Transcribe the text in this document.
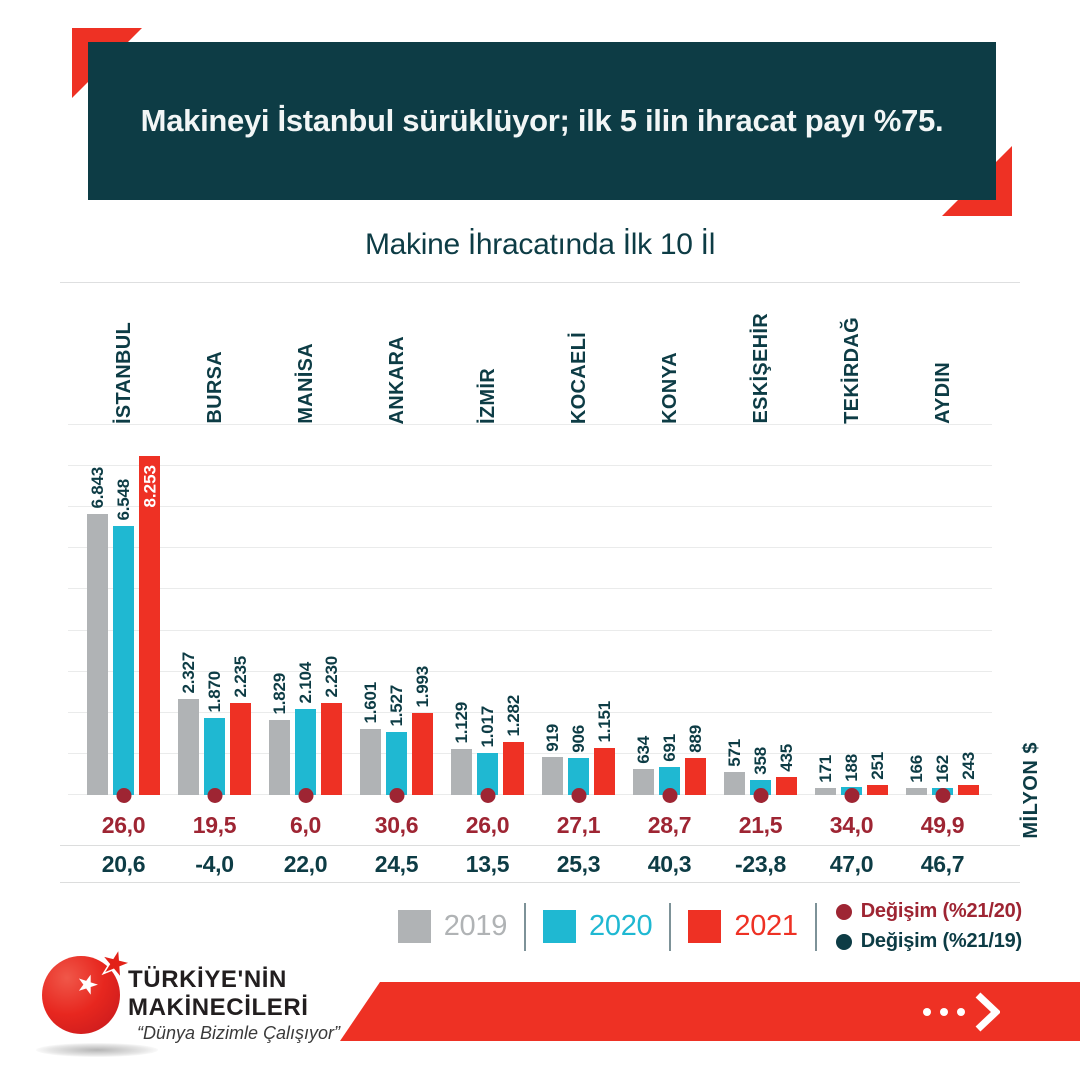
Makineyi İstanbul sürüklüyor; ilk 5 ilin ihracat payı %75.
Makine İhracatında İlk 10 İl
İSTANBUL	BURSA	MANİSA	ANKARA	İZMİR	KOCAELİ	KONYA	ESKİŞEHİR	TEKİRDAĞ	AYDIN
6.843 6.548 8.253
2.327 1.870 2.235 1.829 2.104 2.230
1.601 1.527 1.993
1.129 1.017 1.282
919 906 1.151
634 691 889
571 358 435 171 188 251 166 162 243 MİLYON $
26,0	19,5	6,0	30,6	26,0	27,1	28,7	21,5	34,0	49,9
20,6	-4,0	22,0	24,5	13,5	25,3	40,3	-23,8	47,0	46,7
2019	2020	2021	Değişim (%21/20)
Değişim (%21/19)
★
★
TÜRKİYE'NİN
MAKİNECİLERİ
“Dünya Bizimle Çalışıyor”
